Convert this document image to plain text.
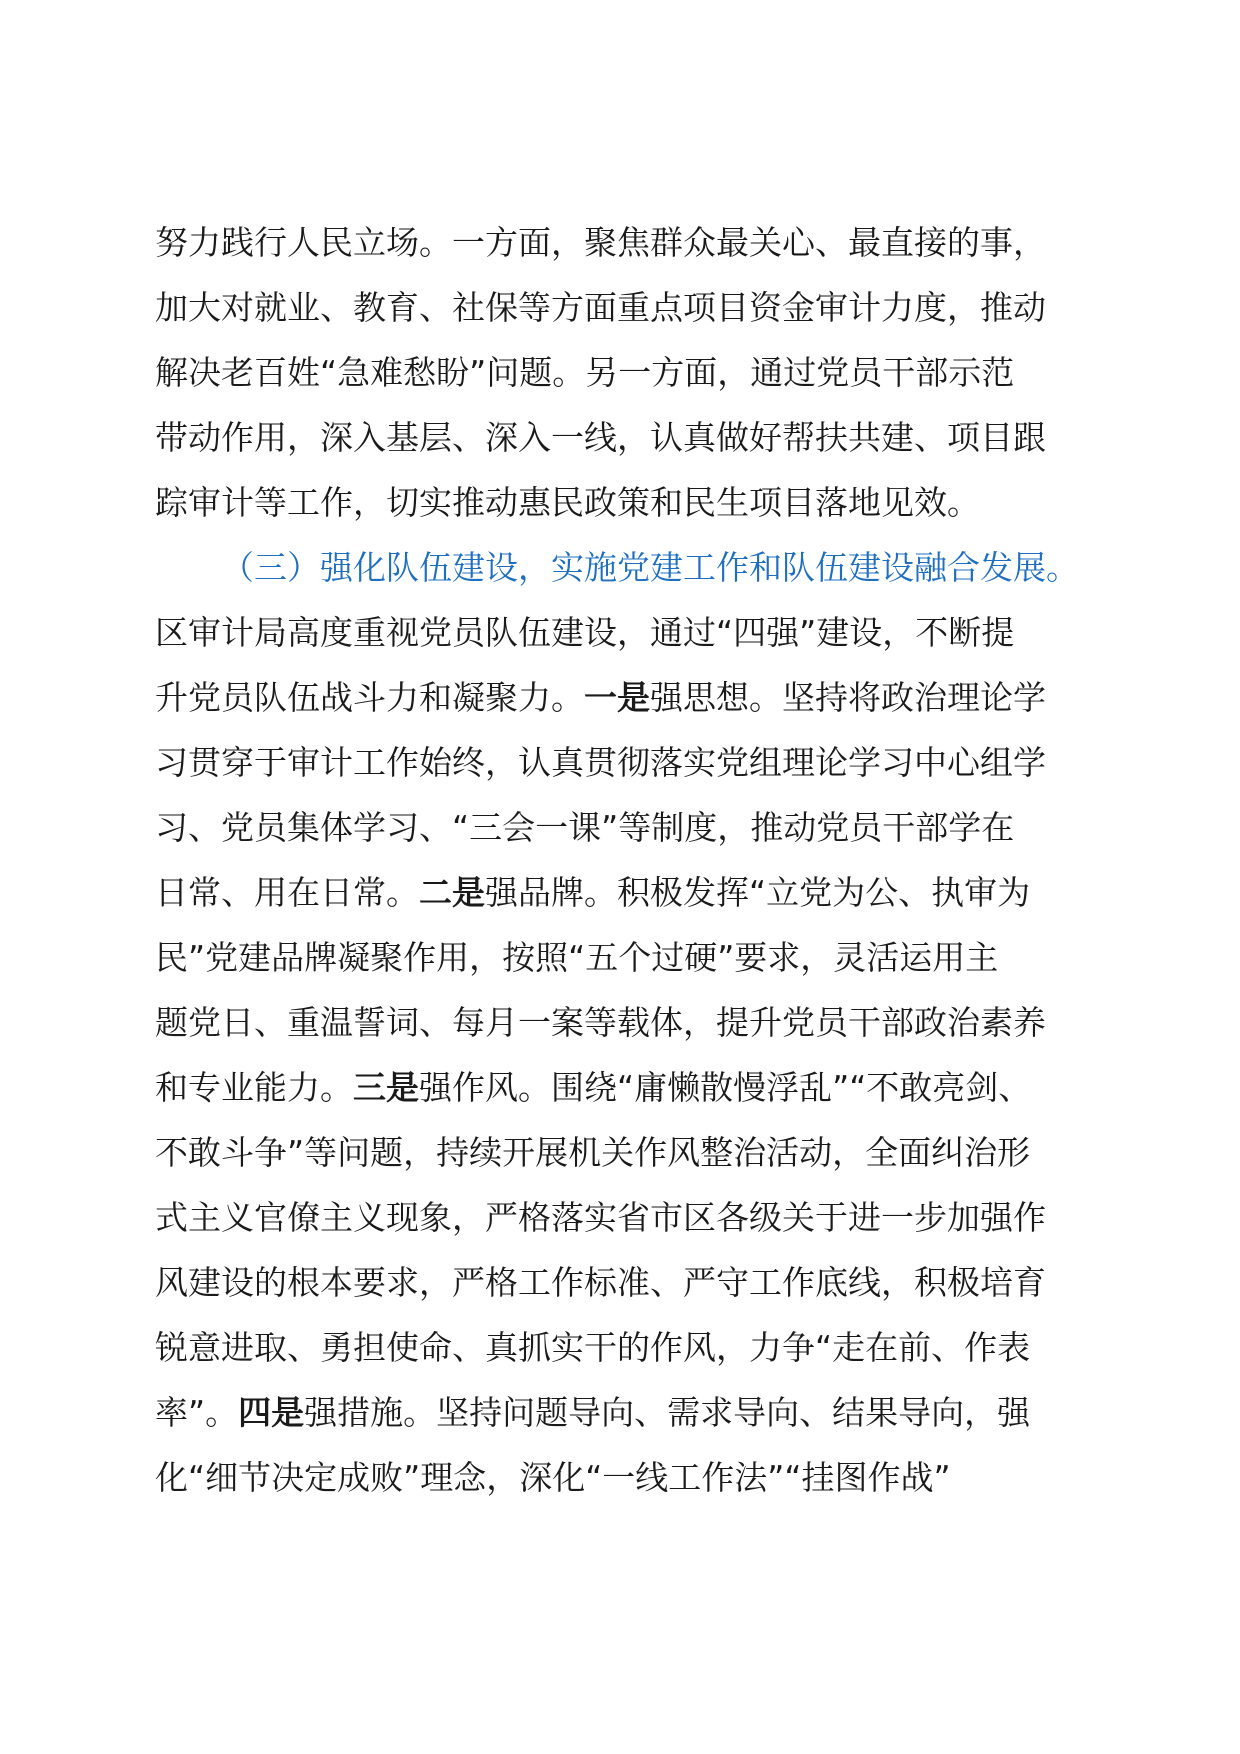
努力践行人民立场。一方面，聚焦群众最关心、最直接的事，
加大对就业、教育、社保等方面重点项目资金审计力度，推动
解决老百姓“急难愁盼”问题。另一方面，通过党员干部示范
带动作用，深入基层、深入一线，认真做好帮扶共建、项目跟
踪审计等工作，切实推动惠民政策和民生项目落地见效。
（三）强化队伍建设，实施党建工作和队伍建设融合发展。
区审计局高度重视党员队伍建设，通过“四强”建设，不断提
升党员队伍战斗力和凝聚力。一是强思想。坚持将政治理论学
习贯穿于审计工作始终，认真贯彻落实党组理论学习中心组学
习、党员集体学习、“三会一课”等制度，推动党员干部学在
日常、用在日常。二是强品牌。积极发挥“立党为公、执审为
民”党建品牌凝聚作用，按照“五个过硬”要求，灵活运用主
题党日、重温誓词、每月一案等载体，提升党员干部政治素养
和专业能力。三是强作风。围绕“庸懒散慢浮乱”“不敢亮剑、
不敢斗争”等问题，持续开展机关作风整治活动，全面纠治形
式主义官僚主义现象，严格落实省市区各级关于进一步加强作
风建设的根本要求，严格工作标准、严守工作底线，积极培育
锐意进取、勇担使命、真抓实干的作风，力争“走在前、作表
率”。四是强措施。坚持问题导向、需求导向、结果导向，强
化“细节决定成败”理念，深化“一线工作法”“挂图作战”
